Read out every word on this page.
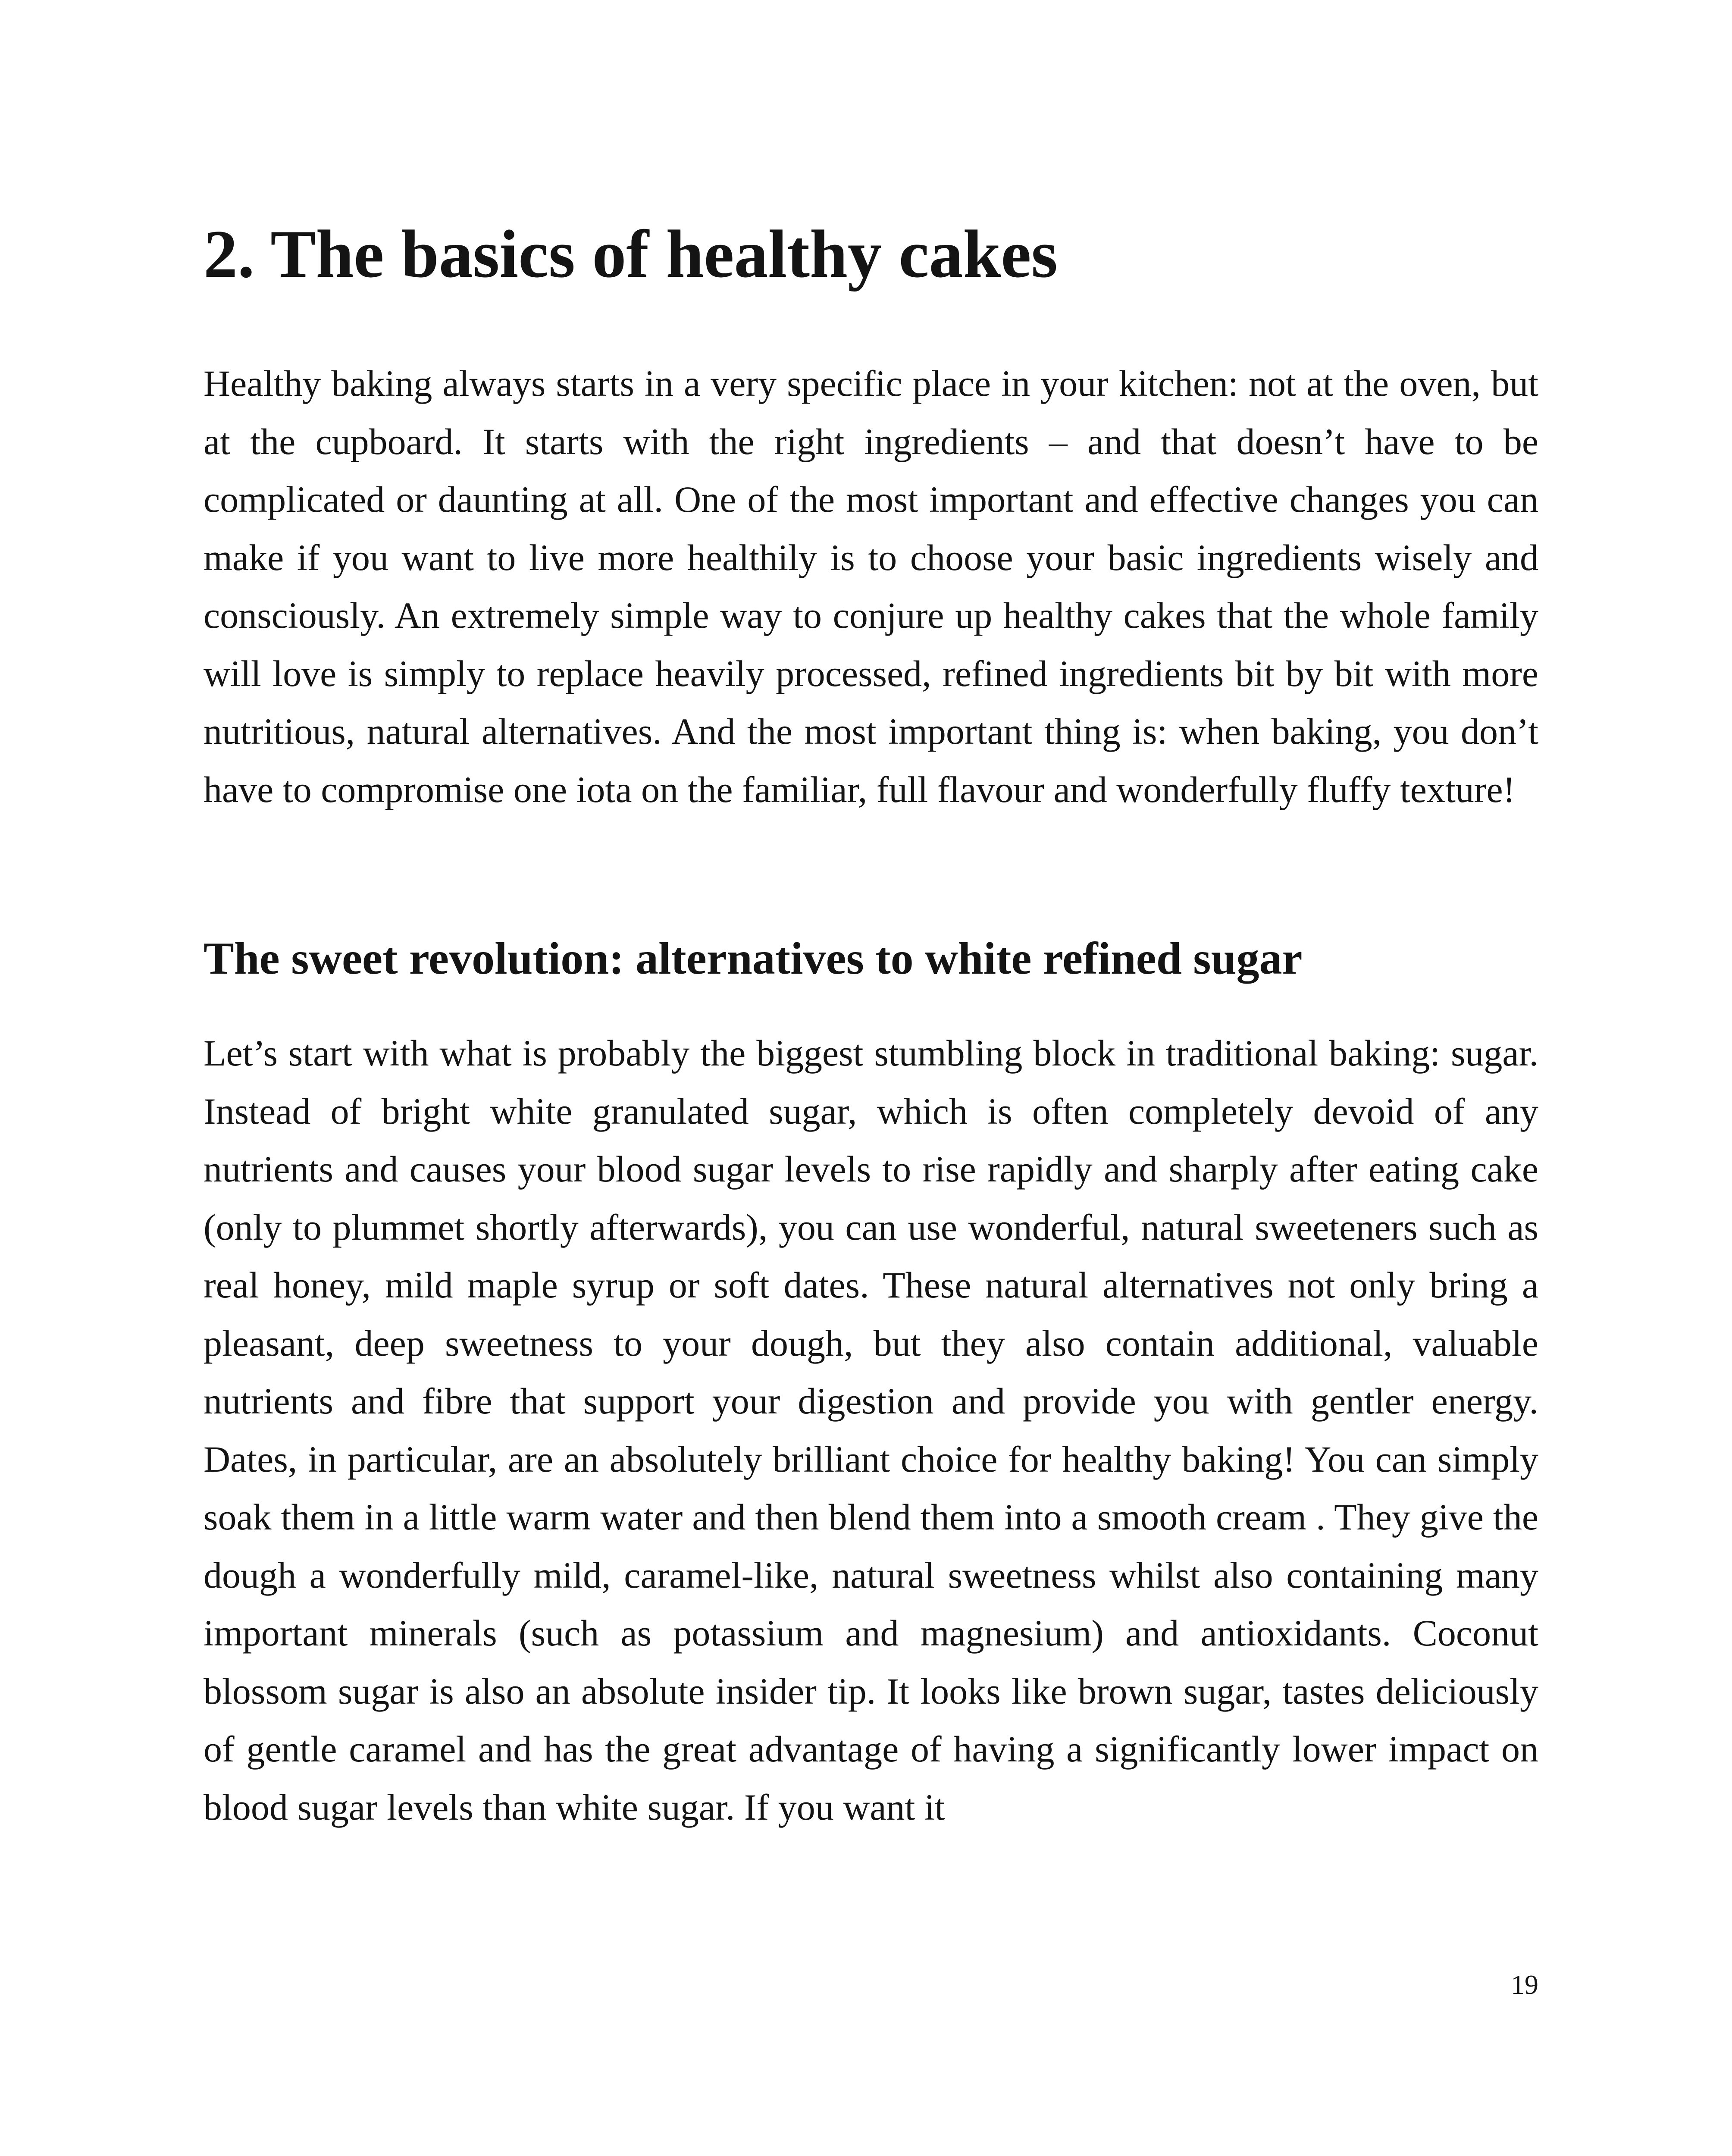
2. The basics of healthy cakes

Healthy baking always starts in a very specific place in your kitchen: not at the oven, but at the cupboard. It starts with the right ingredients – and that doesn’t have to be complicated or daunting at all. One of the most important and effective changes you can make if you want to live more healthily is to choose your basic ingredients wisely and consciously. An extremely simple way to conjure up healthy cakes that the whole family will love is simply to replace heavily processed, refined ingredients bit by bit with more nutritious, natural alternatives. And the most important thing is: when baking, you don’t have to compromise one iota on the familiar, full flavour and wonderfully fluffy texture!

The sweet revolution: alternatives to white refined sugar

Let’s start with what is probably the biggest stumbling block in traditional baking: sugar. Instead of bright white granulated sugar, which is often completely devoid of any nutrients and causes your blood sugar levels to rise rapidly and sharply after eating cake (only to plummet shortly afterwards), you can use wonderful, natural sweeteners such as real honey, mild maple syrup or soft dates. These natural alternatives not only bring a pleasant, deep sweetness to your dough, but they also contain additional, valuable nutrients and fibre that support your digestion and provide you with gentler energy. Dates, in particular, are an absolutely brilliant choice for healthy baking! You can simply soak them in a little warm water and then blend them into a smooth cream . They give the dough a wonderfully mild, caramel-like, natural sweetness whilst also containing many important minerals (such as potassium and magnesium) and antioxidants. Coconut blossom sugar is also an absolute insider tip. It looks like brown sugar, tastes deliciously of gentle caramel and has the great advantage of having a significantly lower impact on blood sugar levels than white sugar. If you want it

19
